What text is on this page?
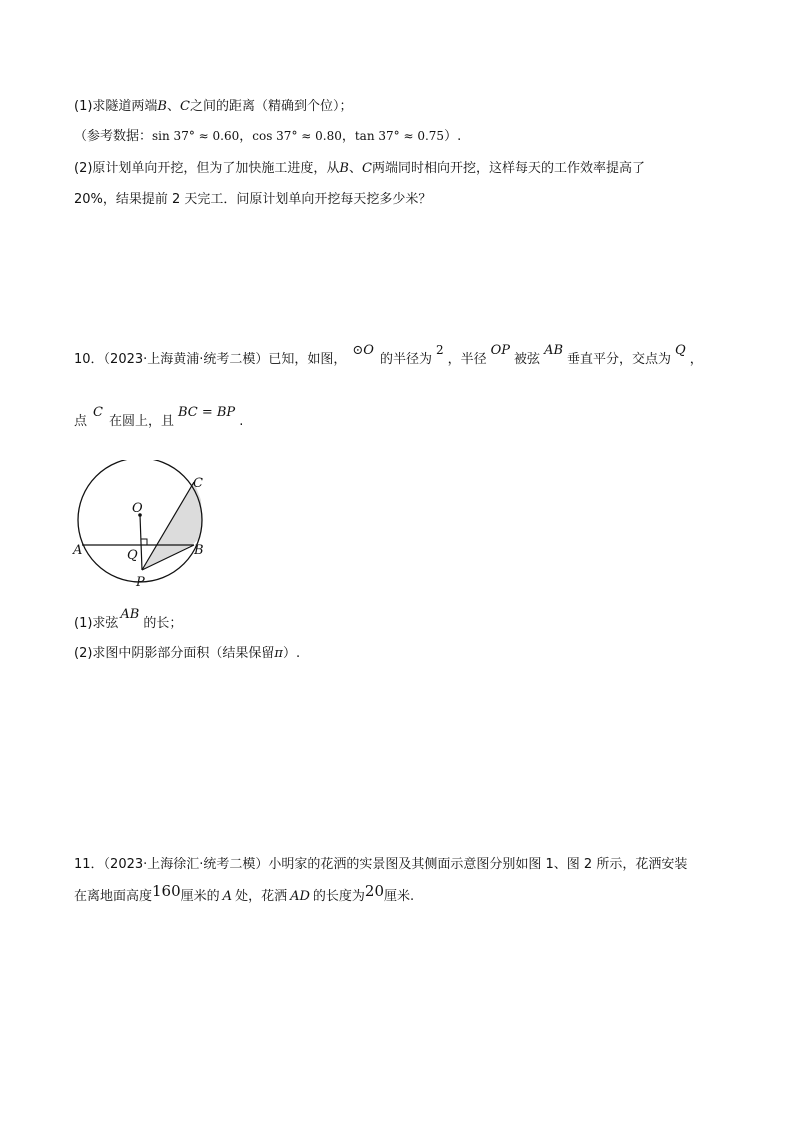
(1)求隧道两端B、C之间的距离（精确到个位）；
（参考数据：sin 37° ≈ 0.60，cos 37° ≈ 0.80，tan 37° ≈ 0.75）.
(2)原计划单向开挖，但为了加快施工进度，从B、C两端同时相向开挖，这样每天的工作效率提高了
20%，结果提前 2 天完工．问原计划单向开挖每天挖多少米？
10．（2023·上海黄浦·统考二模）已知，如图，⊙O的半径为2，半径OP被弦AB垂直平分，交点为Q，
点C在圆上，且BC = BP.
O
C
A	Q	B
P
(1)求弦AB的长；
(2)求图中阴影部分面积（结果保留π）.
11．（2023·上海徐汇·统考二模）小明家的花洒的实景图及其侧面示意图分别如图 1、图 2 所示，花洒安装
在离地面高度160厘米的 A 处，花洒 AD 的长度为20厘米.
